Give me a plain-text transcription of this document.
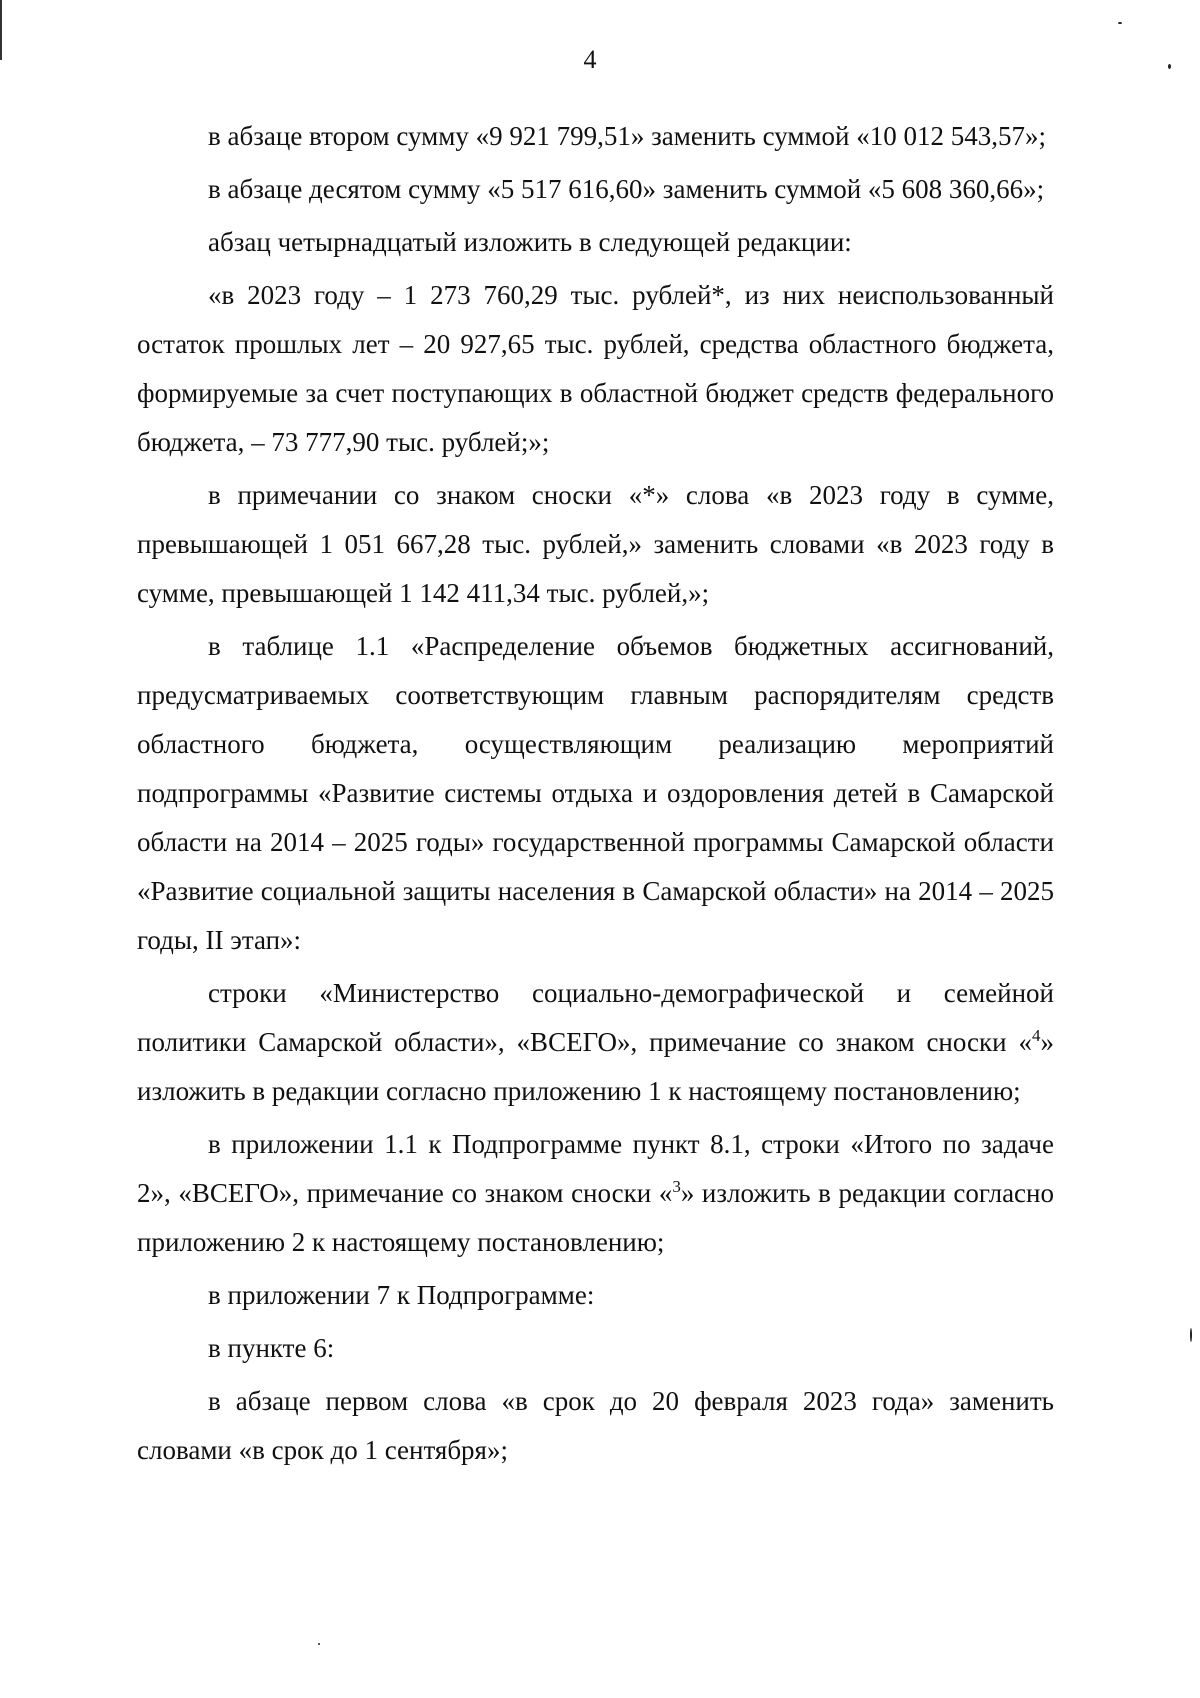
4

в абзаце втором сумму «9 921 799,51» заменить суммой «10 012 543,57»;

в абзаце десятом сумму «5 517 616,60» заменить суммой «5 608 360,66»;

абзац четырнадцатый изложить в следующей редакции:

«в 2023 году – 1 273 760,29 тыс. рублей*, из них неиспользованный остаток прошлых лет – 20 927,65 тыс. рублей, средства областного бюджета, формируемые за счет поступающих в областной бюджет средств федерального бюджета, – 73 777,90 тыс. рублей;»;

в примечании со знаком сноски «*» слова «в 2023 году в сумме, превышающей 1 051 667,28 тыс. рублей,» заменить словами «в 2023 году в сумме, превышающей 1 142 411,34 тыс. рублей,»;

в таблице 1.1 «Распределение объемов бюджетных ассигнований, предусматриваемых соответствующим главным распорядителям средств областного бюджета, осуществляющим реализацию мероприятий подпрограммы «Развитие системы отдыха и оздоровления детей в Самарской области на 2014 – 2025 годы» государственной программы Самарской области «Развитие социальной защиты населения в Самарской области» на 2014 – 2025 годы, II этап»:

строки «Министерство социально-демографической и семейной политики Самарской области», «ВСЕГО», примечание со знаком сноски «$^4$» изложить в редакции согласно приложению 1 к настоящему постановлению;

в приложении 1.1 к Подпрограмме пункт 8.1, строки «Итого по задаче 2», «ВСЕГО», примечание со знаком сноски «$^3$» изложить в редакции согласно приложению 2 к настоящему постановлению;

в приложении 7 к Подпрограмме:

в пункте 6:

в абзаце первом слова «в срок до 20 февраля 2023 года» заменить словами «в срок до 1 сентября»;
